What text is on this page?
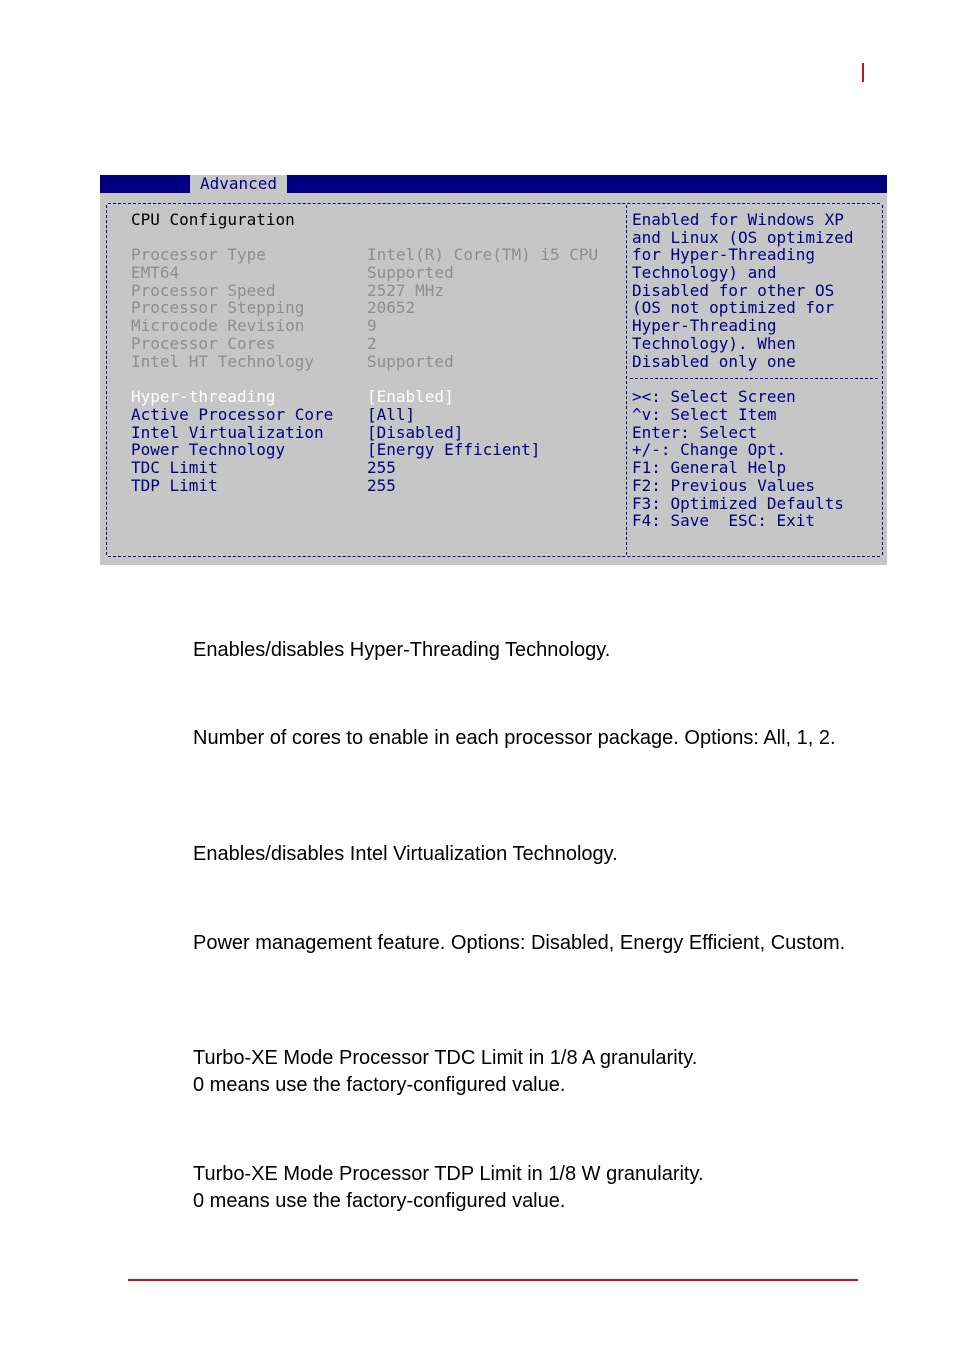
Advanced
CPU Configuration
Processor Type	Intel(R) Core(TM) i5 CPU
EMT64	Supported
Processor Speed	2527 MHz
Processor Stepping	20652
Microcode Revision	9
Processor Cores	2
Intel HT Technology	Supported
Hyper-threading	[Enabled]
Active Processor Core [All]
Intel Virtualization	[Disabled]
Power Technology	[Energy Efficient]
TDC Limit	255
TDP Limit	255
Enabled for Windows XP
and Linux (OS optimized
for Hyper-Threading
Technology) and
Disabled for other OS
(OS not optimized for
Hyper-Threading
Technology). When
Disabled only one
><: Select Screen
^v: Select Item
Enter: Select
+/-: Change Opt.
F1: General Help
F2: Previous Values
F3: Optimized Defaults
F4: Save  ESC: Exit
Enables/disables Hyper-Threading Technology.
Number of cores to enable in each processor package. Options: All, 1, 2.
Enables/disables Intel Virtualization Technology.
Power management feature. Options: Disabled, Energy Efficient, Custom.
Turbo-XE Mode Processor TDC Limit in 1/8 A granularity.
0 means use the factory-configured value.
Turbo-XE Mode Processor TDP Limit in 1/8 W granularity.
0 means use the factory-configured value.
